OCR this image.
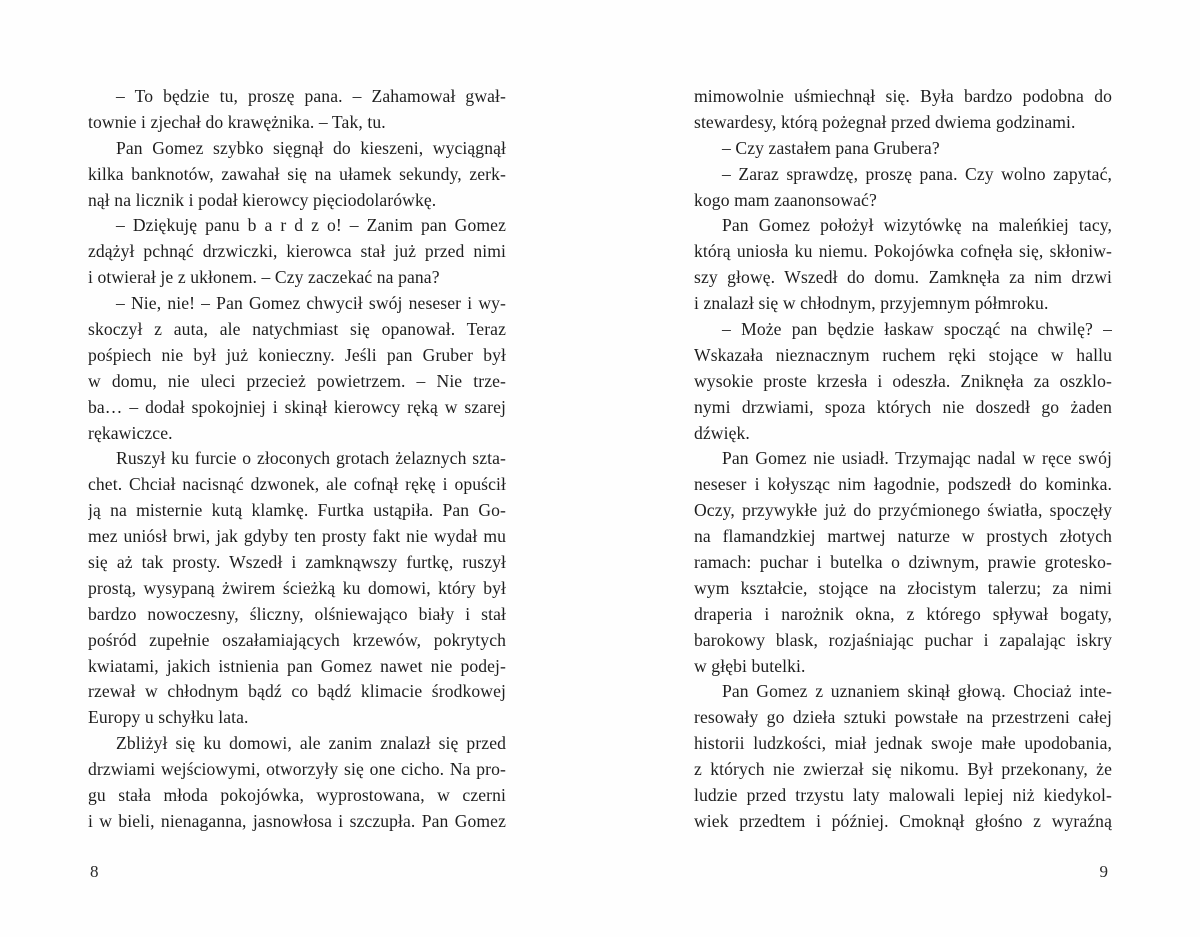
– To będzie tu, proszę pana. – Zahamował gwał-
townie i zjechał do krawężnika. – Tak, tu.
Pan Gomez szybko sięgnął do kieszeni, wyciągnął
kilka banknotów, zawahał się na ułamek sekundy, zerk-
nął na licznik i podał kierowcy pięciodolarówkę.
– Dziękuję panu b a r d z o! – Zanim pan Gomez
zdążył pchnąć drzwiczki, kierowca stał już przed nimi
i otwierał je z ukłonem. – Czy zaczekać na pana?
– Nie, nie! – Pan Gomez chwycił swój neseser i wy-
skoczył z auta, ale natychmiast się opanował. Teraz
pośpiech nie był już konieczny. Jeśli pan Gruber był
w domu, nie uleci przecież powietrzem. – Nie trze-
ba… – dodał spokojniej i skinął kierowcy ręką w szarej
rękawiczce.
Ruszył ku furcie o złoconych grotach żelaznych szta-
chet. Chciał nacisnąć dzwonek, ale cofnął rękę i opuścił
ją na misternie kutą klamkę. Furtka ustąpiła. Pan Go-
mez uniósł brwi, jak gdyby ten prosty fakt nie wydał mu
się aż tak prosty. Wszedł i zamknąwszy furtkę, ruszył
prostą, wysypaną żwirem ścieżką ku domowi, który był
bardzo nowoczesny, śliczny, olśniewająco biały i stał
pośród zupełnie oszałamiających krzewów, pokrytych
kwiatami, jakich istnienia pan Gomez nawet nie podej-
rzewał w chłodnym bądź co bądź klimacie środkowej
Europy u schyłku lata.
Zbliżył się ku domowi, ale zanim znalazł się przed
drzwiami wejściowymi, otworzyły się one cicho. Na pro-
gu stała młoda pokojówka, wyprostowana, w czerni
i w bieli, nienaganna, jasnowłosa i szczupła. Pan Gomez
8
mimowolnie uśmiechnął się. Była bardzo podobna do
stewardesy, którą pożegnał przed dwiema godzinami.
– Czy zastałem pana Grubera?
– Zaraz sprawdzę, proszę pana. Czy wolno zapytać,
kogo mam zaanonsować?
Pan Gomez położył wizytówkę na maleńkiej tacy,
którą uniosła ku niemu. Pokojówka cofnęła się, skłoniw-
szy głowę. Wszedł do domu. Zamknęła za nim drzwi
i znalazł się w chłodnym, przyjemnym półmroku.
– Może pan będzie łaskaw spocząć na chwilę? –
Wskazała nieznacznym ruchem ręki stojące w hallu
wysokie proste krzesła i odeszła. Zniknęła za oszklo-
nymi drzwiami, spoza których nie doszedł go żaden
dźwięk.
Pan Gomez nie usiadł. Trzymając nadal w ręce swój
neseser i kołysząc nim łagodnie, podszedł do kominka.
Oczy, przywykłe już do przyćmionego światła, spoczęły
na flamandzkiej martwej naturze w prostych złotych
ramach: puchar i butelka o dziwnym, prawie grotesko-
wym kształcie, stojące na złocistym talerzu; za nimi
draperia i narożnik okna, z którego spływał bogaty,
barokowy blask, rozjaśniając puchar i zapalając iskry
w głębi butelki.
Pan Gomez z uznaniem skinął głową. Chociaż inte-
resowały go dzieła sztuki powstałe na przestrzeni całej
historii ludzkości, miał jednak swoje małe upodobania,
z których nie zwierzał się nikomu. Był przekonany, że
ludzie przed trzystu laty malowali lepiej niż kiedykol-
wiek przedtem i później. Cmoknął głośno z wyraźną
9
